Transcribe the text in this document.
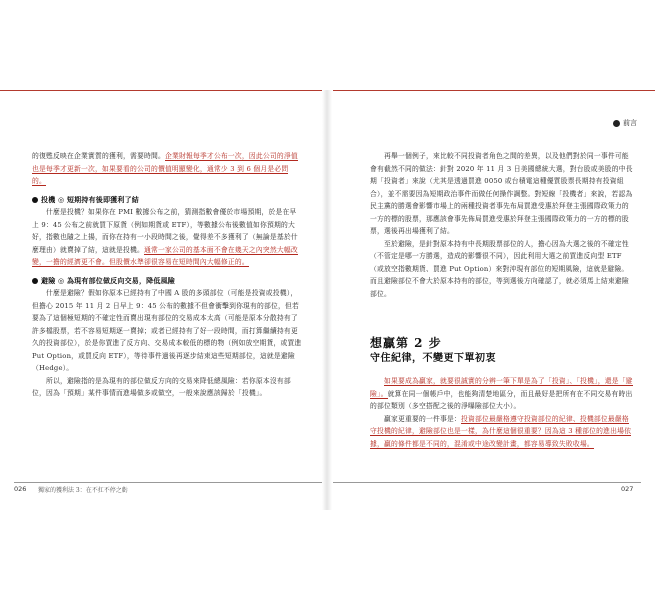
的復甦反映在企業實質的獲利，需要時間。企業財報每季才公布一次，因此公司的淨值也是每季才更新一次，如果要看的公司的價值明顯變化，通常少 3 到 6 個月是必問的。

投機 ◎ 短期持有後即獲利了結

什麼是投機？如果你在 PMI 數據公布之前，猜測指數會優於市場預期，於是在早上 9：45 公布之前就買下原貨（例如期貨或 ETF），等數據公布後數值如你預期的大好，指數也隨之上揚，而你在持有一小段時間之後，覺得差不多獲利了（無論是基於什麼理由）就賣掉了結，這就是投機。通常一家公司的基本面不會在幾天之內突然大幅改變，一擔的經濟更不會。但股價水準卻很容易在短時間內大幅修正的。

避險 ◎ 為現有部位做反向交易，降低風險

什麼是避險？假如你原本已經持有了中國 A 股的多頭部位（可能是投資或投機），但擔心 2015 年 11 月 2 日早上 9：45 公布的數據不但會衝擊到你現有的部位，但若要為了這個極短期的不確定性而賣出現有部位的交易成本太高（可能是原本分散持有了許多檔股票，若不容易短期逐一賣掉；或者已經持有了好一段時間，而打算繼續持有更久的投資部位），於是你買進了反方向、交易成本較低的標的物（例如放空期貨，或買進 Put Option，或買反向 ETF），等待事件過後再逐步結束這些短期部位，這就是避險（Hedge）。

所以，避險指的是為現有的部位做反方向的交易來降低總風險：若你原本沒有部位，因為「預期」某件事情而進場做多或做空，一般來說應該歸於「投機」。

026 獨家的獲利法 3：在不扛不停之虧
前言

再舉一個例子，來比較不同投資者角色之間的差異，以及他們對於同一事件可能會有截然不同的做法：針對 2020 年 11 月 3 日美國總統大選，對台股或美股的中長期「投資者」來說（尤其是透過買進 0050 或台積電這種優質股票長期持有投資組合），並不需要因為短期政治事件而做任何操作調整。對短線「投機者」來說，若認為民主黨的勝選會影響市場上的兩種投資者事先布局買進受惠於拜登主張國際政策力的一方的標的股票，那應該會事先佈局買進受惠於拜登主張國際政策力的一方的標的股票，選後再出場獲利了結。

至於避險，是針對原本持有中長期股票部位的人，擔心因為大選之後的不確定性（不管定是哪一方勝選，造成的影響很不同），因此利用大選之前買進反向型 ETF（或放空指數期貨、買進 Put Option）來對沖現有部位的短期風險，這就是避險。而且避險部位不會大於原本持有的部位，等到選後方向確認了，就必須馬上結束避險部位。

想贏第 2 步
守住紀律，不變更下單初衷

如果要成為贏家，就要很誠實的分辨一筆下單是為了「投資」、「投機」，還是「避險」。就算在同一個帳戶中，也能夠清楚地區分，而且最好是把所有在不同交易有時出的部位類別（多空搭配之後的淨曝險部位大小）。

贏家更重要的一件事是：投資部位最嚴格遵守投資部位的紀律、投機部位最嚴格守投機的紀律，避險部位也是一樣，為什麼這個很重要？因為這 3 種部位的進出場依據，贏的條件都是不同的，混淆或中途改變計畫，都容易導致失敗收場。

027
